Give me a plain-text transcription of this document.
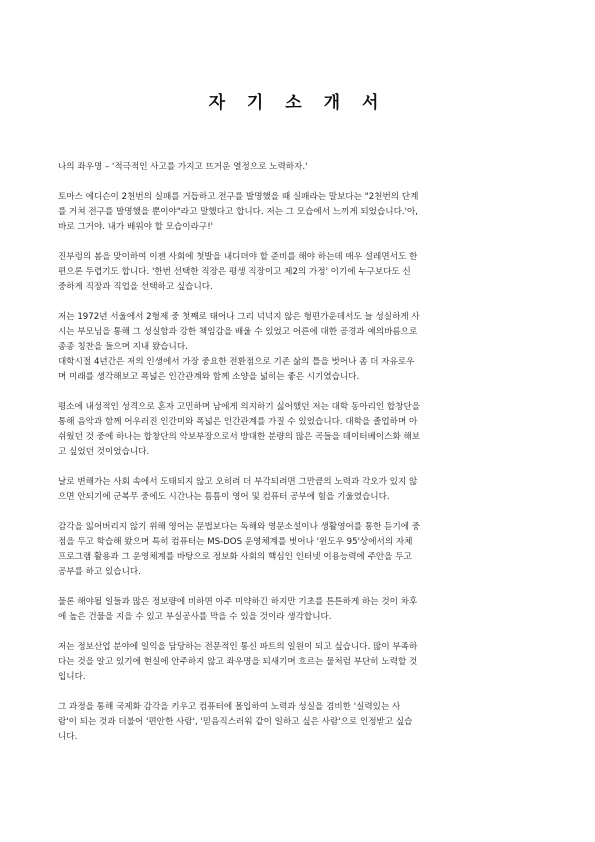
자 기 소 개 서

나의 좌우명 – '적극적인 사고를 가지고 뜨거운 열정으로 노력하자.'

토마스 에디슨이 2천번의 실패를 거듭하고 전구를 발명했을 때 실패라는 말보다는 "2천번의 단계
를 거쳐 전구를 발명했을 뿐이야"라고 말했다고 합니다. 저는 그 모습에서 느끼게 되었습니다.'아,
바로 그거야. 내가 배워야 할 모습이라구!'

진부렁의 봄을 맞이하여 이젠 사회에 첫발을 내디뎌야 할 준비를 해야 하는데 매우 설레면서도 한
편으론 두렵기도 합니다. '한번 선택한 직장은 평생 직장이고 제2의 가정' 이기에 누구보다도 신
중하게 직장과 직업을 선택하고 싶습니다.

저는 1972년 서울에서 2형제 중 첫째로 태어나 그리 넉넉지 않은 형편가운데서도 늘 성실하게 사
시는 부모님을 통해 그 성실함과 강한 책임감을 배울 수 있었고 어른에 대한 공경과 예의바름으로
종종 칭찬을 들으며 지내 왔습니다.
대학시절 4년간은 저의 인생에서 가장 중요한 전환점으로 기존 삶의 틀을 벗어나 좀 더 자유로우
며 미래를 생각해보고 폭넓은 인간관계와 함께 소양을 넓히는 좋은 시기였습니다.

평소에 내성적인 성격으로 혼자 고민하며 남에게 의지하기 싫어했던 저는 대학 동아리인 합창단을
통해 음악과 함께 어우러진 인간미와 폭넓은 인간관계를 가질 수 있었습니다. 대학을 졸업하며 아
쉬웠던 것 중에 하나는 합창단의 악보부장으로서 방대한 분량의 많은 곡들을 데이터베이스화 해보
고 싶었던 것이었습니다.

날로 변해가는 사회 속에서 도태되지 않고 오히려 더 부각되려면 그만큼의 노력과 각오가 있지 않
으면 안되기에 군복무 중에도 시간나는 틈틈이 영어 및 컴퓨터 공부에 힘을 기울였습니다.

감각을 잃어버리지 않기 위해 영어는 문법보다는 독해와 영문소설이나 생활영어를 통한 듣기에 중
점을 두고 학습해 왔으며 특히 컴퓨터는 MS-DOS 운영체계를 벗어나 '윈도우 95'상에서의 자체
프로그램 활용과 그 운영체계를 바탕으로 정보화 사회의 핵심인 인터넷 이용능력에 주안을 두고
공부를 하고 있습니다.

물론 해야될 일들과 많은 정보량에 비하면 아주 미약하긴 하지만 기초를 튼튼하게 하는 것이 차후
에 높은 건물을 지을 수 있고 부실공사를 막을 수 있을 것이라 생각합니다.

저는 정보산업 분야에 일익을 담당하는 전문적인 통신 파트의 일원이 되고 싶습니다. 많이 부족하
다는 것을 알고 있기에 현실에 안주하지 않고 좌우명을 되새기며 흐르는 물처럼 부단히 노력할 것
입니다.

그 과정을 통해 국제화 감각을 키우고 컴퓨터에 몰입하여 노력과 성실을 겸비한 '실력있는 사
람'이 되는 것과 더불어 '편안한 사람', '믿음직스러워 같이 일하고 싶은 사람'으로 인정받고 싶습
니다.
